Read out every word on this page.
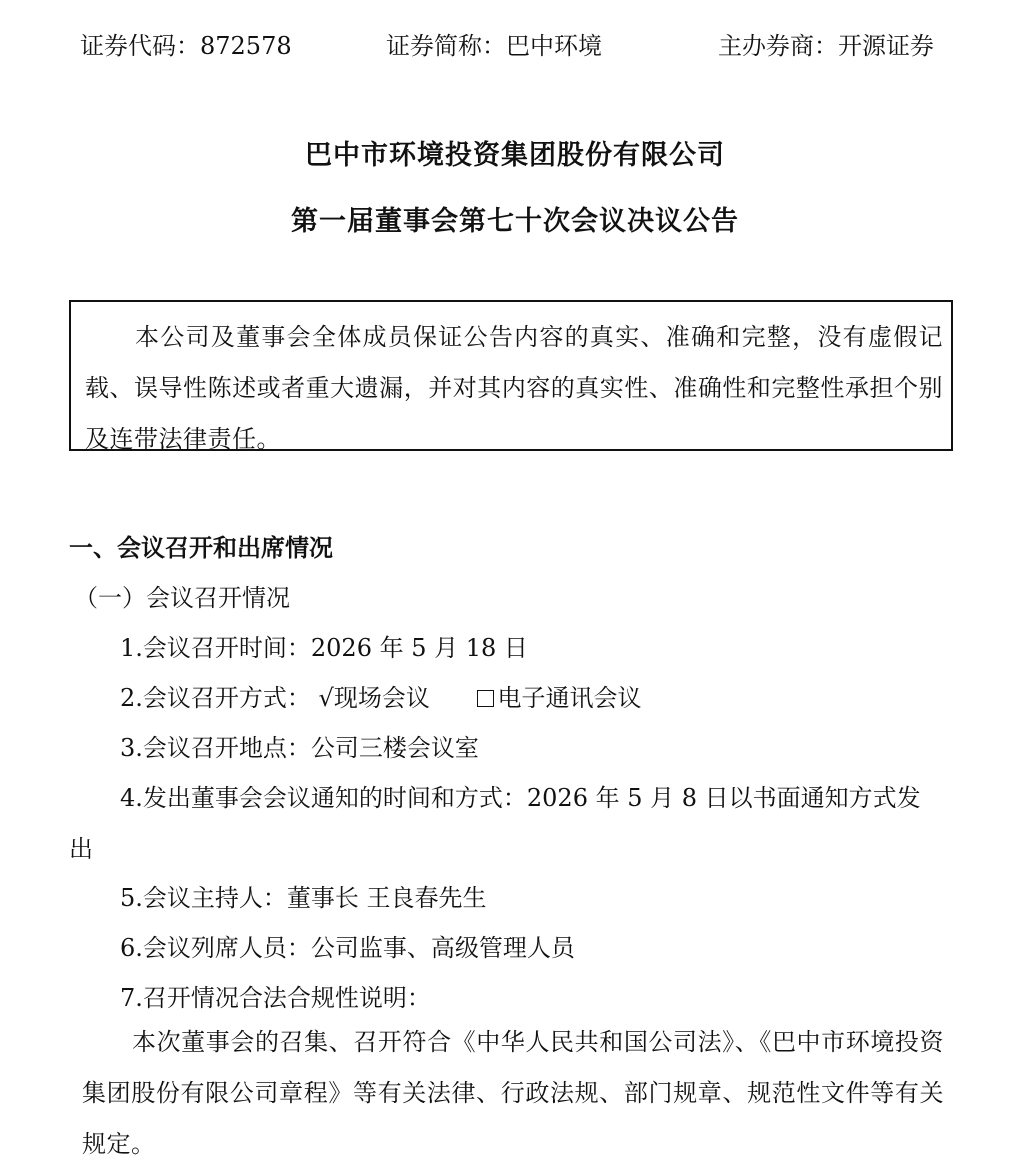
证券代码：872578	证券简称：巴中环境	主办券商：开源证券
巴中市环境投资集团股份有限公司
第一届董事会第七十次会议决议公告
本公司及董事会全体成员保证公告内容的真实、准确和完整，没有虚假记载、误导性陈述或者重大遗漏，并对其内容的真实性、准确性和完整性承担个别及连带法律责任。
一、会议召开和出席情况
（一）会议召开情况
1.会议召开时间：2026 年 5 月 18 日
2.会议召开方式： √现场会议	电子通讯会议
3.会议召开地点：公司三楼会议室
4.发出董事会会议通知的时间和方式：2026 年 5 月 8 日以书面通知方式发
出
5.会议主持人：董事长 王良春先生
6.会议列席人员：公司监事、高级管理人员
7.召开情况合法合规性说明：
本次董事会的召集、召开符合《中华人民共和国公司法》、《巴中市环境投资集团股份有限公司章程》等有关法律、行政法规、部门规章、规范性文件等有关规定。
